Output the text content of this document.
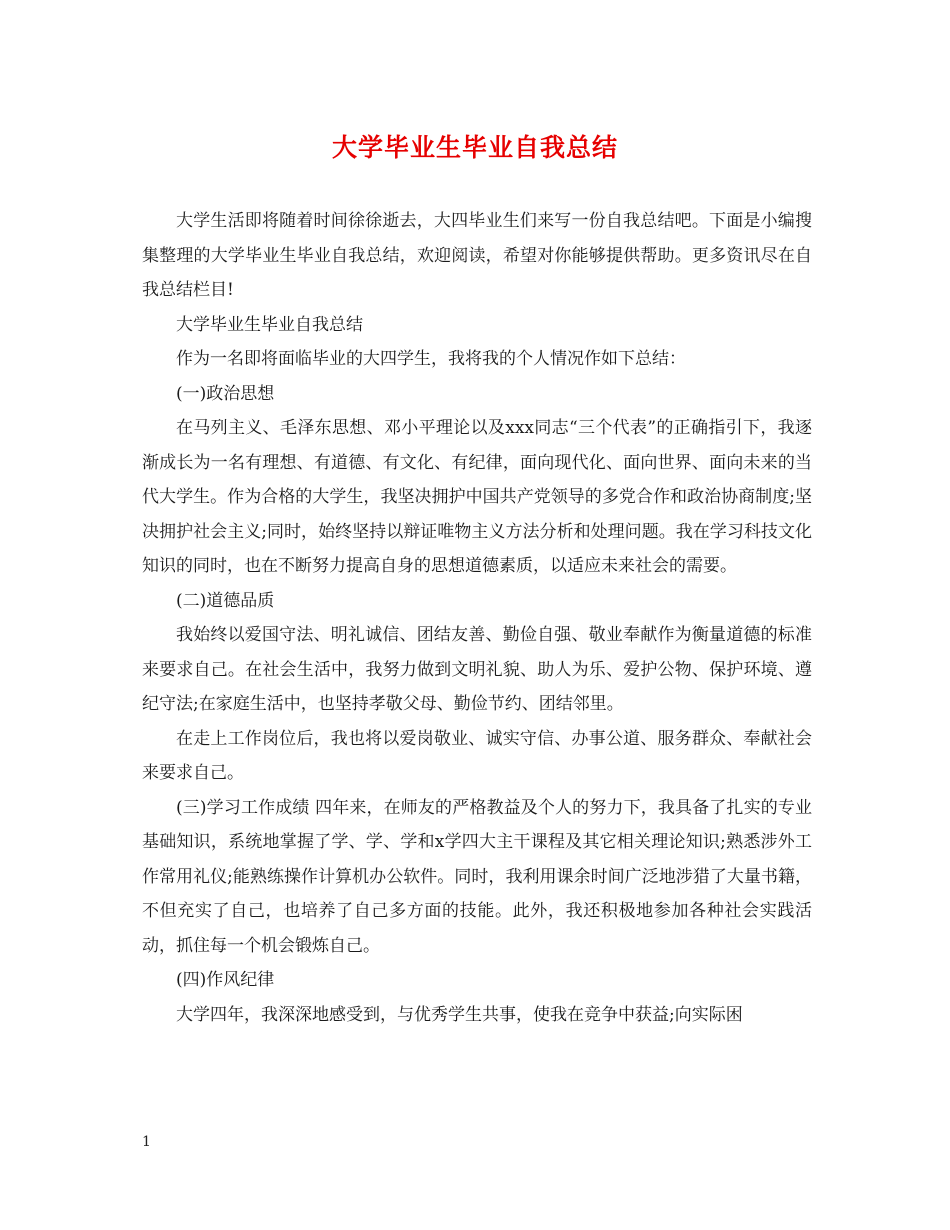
大学毕业生毕业自我总结

大学生活即将随着时间徐徐逝去，大四毕业生们来写一份自我总结吧。下面是小编搜集整理的大学毕业生毕业自我总结，欢迎阅读，希望对你能够提供帮助。更多资讯尽在自我总结栏目!

大学毕业生毕业自我总结

作为一名即将面临毕业的大四学生，我将我的个人情况作如下总结：

(一)政治思想

在马列主义、毛泽东思想、邓小平理论以及xxx同志“三个代表”的正确指引下，我逐渐成长为一名有理想、有道德、有文化、有纪律，面向现代化、面向世界、面向未来的当代大学生。作为合格的大学生，我坚决拥护中国共产党领导的多党合作和政治协商制度;坚决拥护社会主义;同时，始终坚持以辩证唯物主义方法分析和处理问题。我在学习科技文化知识的同时，也在不断努力提高自身的思想道德素质，以适应未来社会的需要。

(二)道德品质

我始终以爱国守法、明礼诚信、团结友善、勤俭自强、敬业奉献作为衡量道德的标准来要求自己。在社会生活中，我努力做到文明礼貌、助人为乐、爱护公物、保护环境、遵纪守法;在家庭生活中，也坚持孝敬父母、勤俭节约、团结邻里。

在走上工作岗位后，我也将以爱岗敬业、诚实守信、办事公道、服务群众、奉献社会来要求自己。

(三)学习工作成绩 四年来，在师友的严格教益及个人的努力下，我具备了扎实的专业基础知识，系统地掌握了学、学、学和x学四大主干课程及其它相关理论知识;熟悉涉外工作常用礼仪;能熟练操作计算机办公软件。同时，我利用课余时间广泛地涉猎了大量书籍，不但充实了自己，也培养了自己多方面的技能。此外，我还积极地参加各种社会实践活动，抓住每一个机会锻炼自己。

(四)作风纪律

大学四年，我深深地感受到，与优秀学生共事，使我在竞争中获益;向实际困

1
